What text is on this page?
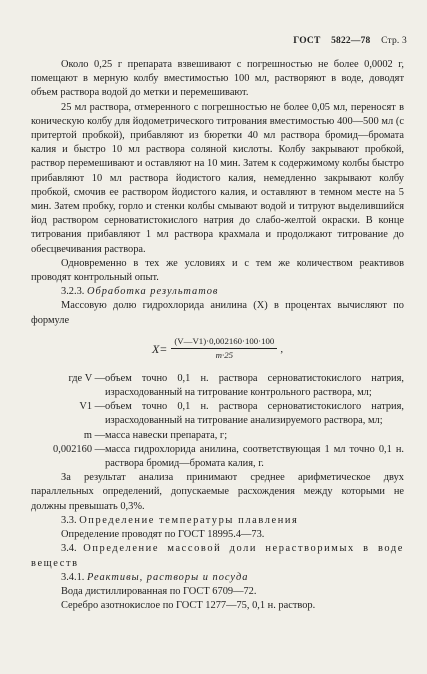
ГОСТ 5822—78 Стр. 3

Около 0,25 г препарата взвешивают с погрешностью не более 0,0002 г, помещают в мерную колбу вместимостью 100 мл, растворяют в воде, доводят объем раствора водой до метки и перемешивают.

25 мл раствора, отмеренного с погрешностью не более 0,05 мл, переносят в коническую колбу для йодометрического титрования вместимостью 400—500 мл (с притертой пробкой), прибавляют из бюретки 40 мл раствора бромид—бромата калия и быстро 10 мл раствора соляной кислоты. Колбу закрывают пробкой, раствор перемешивают и оставляют на 10 мин. Затем к содержимому колбы быстро прибавляют 10 мл раствора йодистого калия, немедленно закрывают колбу пробкой, смочив ее раствором йодистого калия, и оставляют в темном месте на 5 мин. Затем пробку, горло и стенки колбы смывают водой и титруют выделившийся йод раствором серноватистокислого натрия до слабо-желтой окраски. В конце титрования прибавляют 1 мл раствора крахмала и продолжают титрование до обесцвечивания раствора.

Одновременно в тех же условиях и с тем же количеством реактивов проводят контрольный опыт.

3.2.3. Обработка результатов

Массовую долю гидрохлорида анилина (X) в процентах вычисляют по формуле

$X= \frac{(V—V1)\cdot 0,002160\cdot 100\cdot 100}{m\cdot 25}$ ,
где V — объем точно 0,1 н. раствора серноватистокислого натрия, израсходованный на титрование контрольного раствора, мл;
V1 — объем точно 0,1 н. раствора серноватистокислого натрия, израсходованный на титрование анализируемого раствора, мл;
m — масса навески препарата, г;
0,002160 — масса гидрохлорида анилина, соответствующая 1 мл точно 0,1 н. раствора бромид—бромата калия, г.

За результат анализа принимают среднее арифметическое двух параллельных определений, допускаемые расхождения между которыми не должны превышать 0,3%.

3.3. Определение температуры плавления

Определение проводят по ГОСТ 18995.4—73.

3.4. Определение массовой доли нерастворимых в воде веществ

3.4.1. Реактивы, растворы и посуда

Вода дистиллированная по ГОСТ 6709—72.

Серебро азотнокислое по ГОСТ 1277—75, 0,1 н. раствор.
